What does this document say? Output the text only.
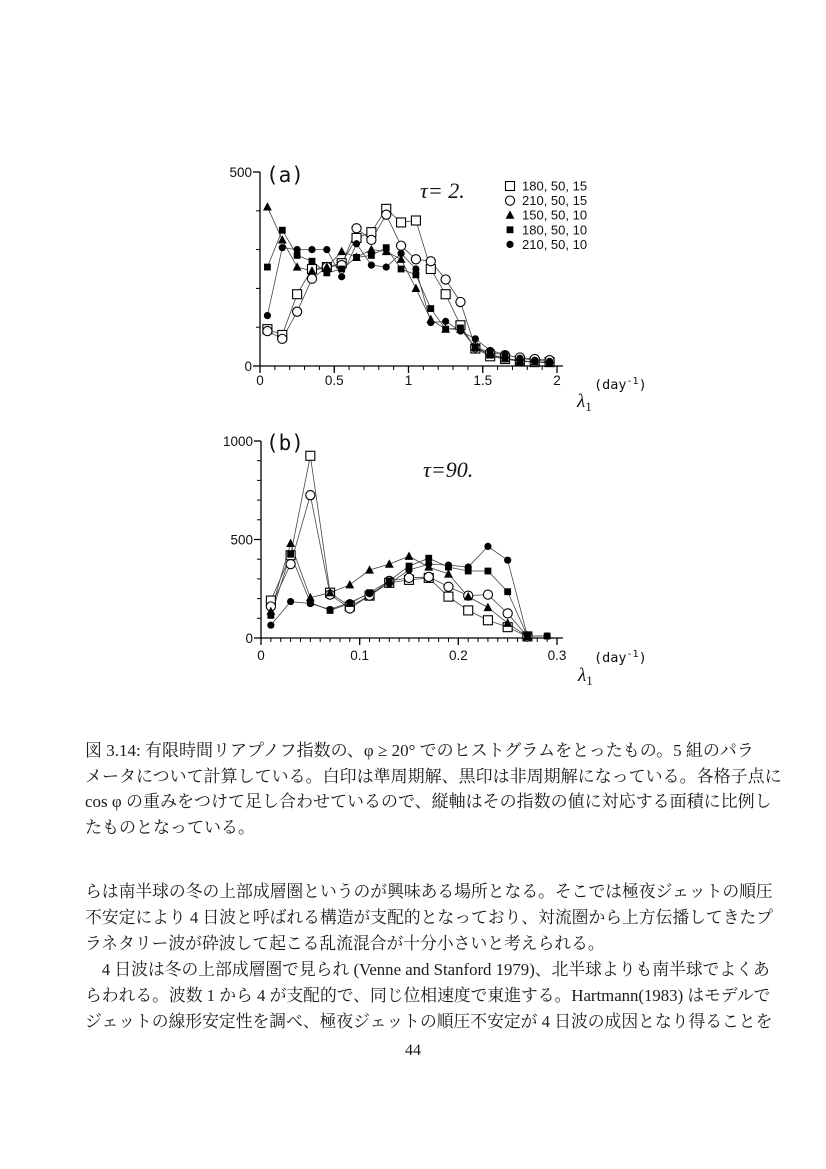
0	0.5	1	1.5	2
0
500 (a)
τ= 2.
$\lambda_1$
(day$^{-1}$)
180, 50, 15
210, 50, 15
150, 50, 10
180, 50, 10
210, 50, 10
0	0.1	0.2	0.3
0
500
1000 (b)
τ=90.
$\lambda_1$
(day$^{-1}$)
図 3.14: 有限時間リアプノフ指数の、φ ≥ 20° でのヒストグラムをとったもの。5 組のパラ
メータについて計算している。白印は準周期解、黒印は非周期解になっている。各格子点に
cos φ の重みをつけて足し合わせているので、縦軸はその指数の値に対応する面積に比例し
たものとなっている。
らは南半球の冬の上部成層圏というのが興味ある場所となる。そこでは極夜ジェットの順圧
不安定により 4 日波と呼ばれる構造が支配的となっており、対流圏から上方伝播してきたプ
ラネタリー波が砕波して起こる乱流混合が十分小さいと考えられる。
　4 日波は冬の上部成層圏で見られ (Venne and Stanford 1979)、北半球よりも南半球でよくあ
らわれる。波数 1 から 4 が支配的で、同じ位相速度で東進する。Hartmann(1983) はモデルで
ジェットの線形安定性を調べ、極夜ジェットの順圧不安定が 4 日波の成因となり得ることを
44
